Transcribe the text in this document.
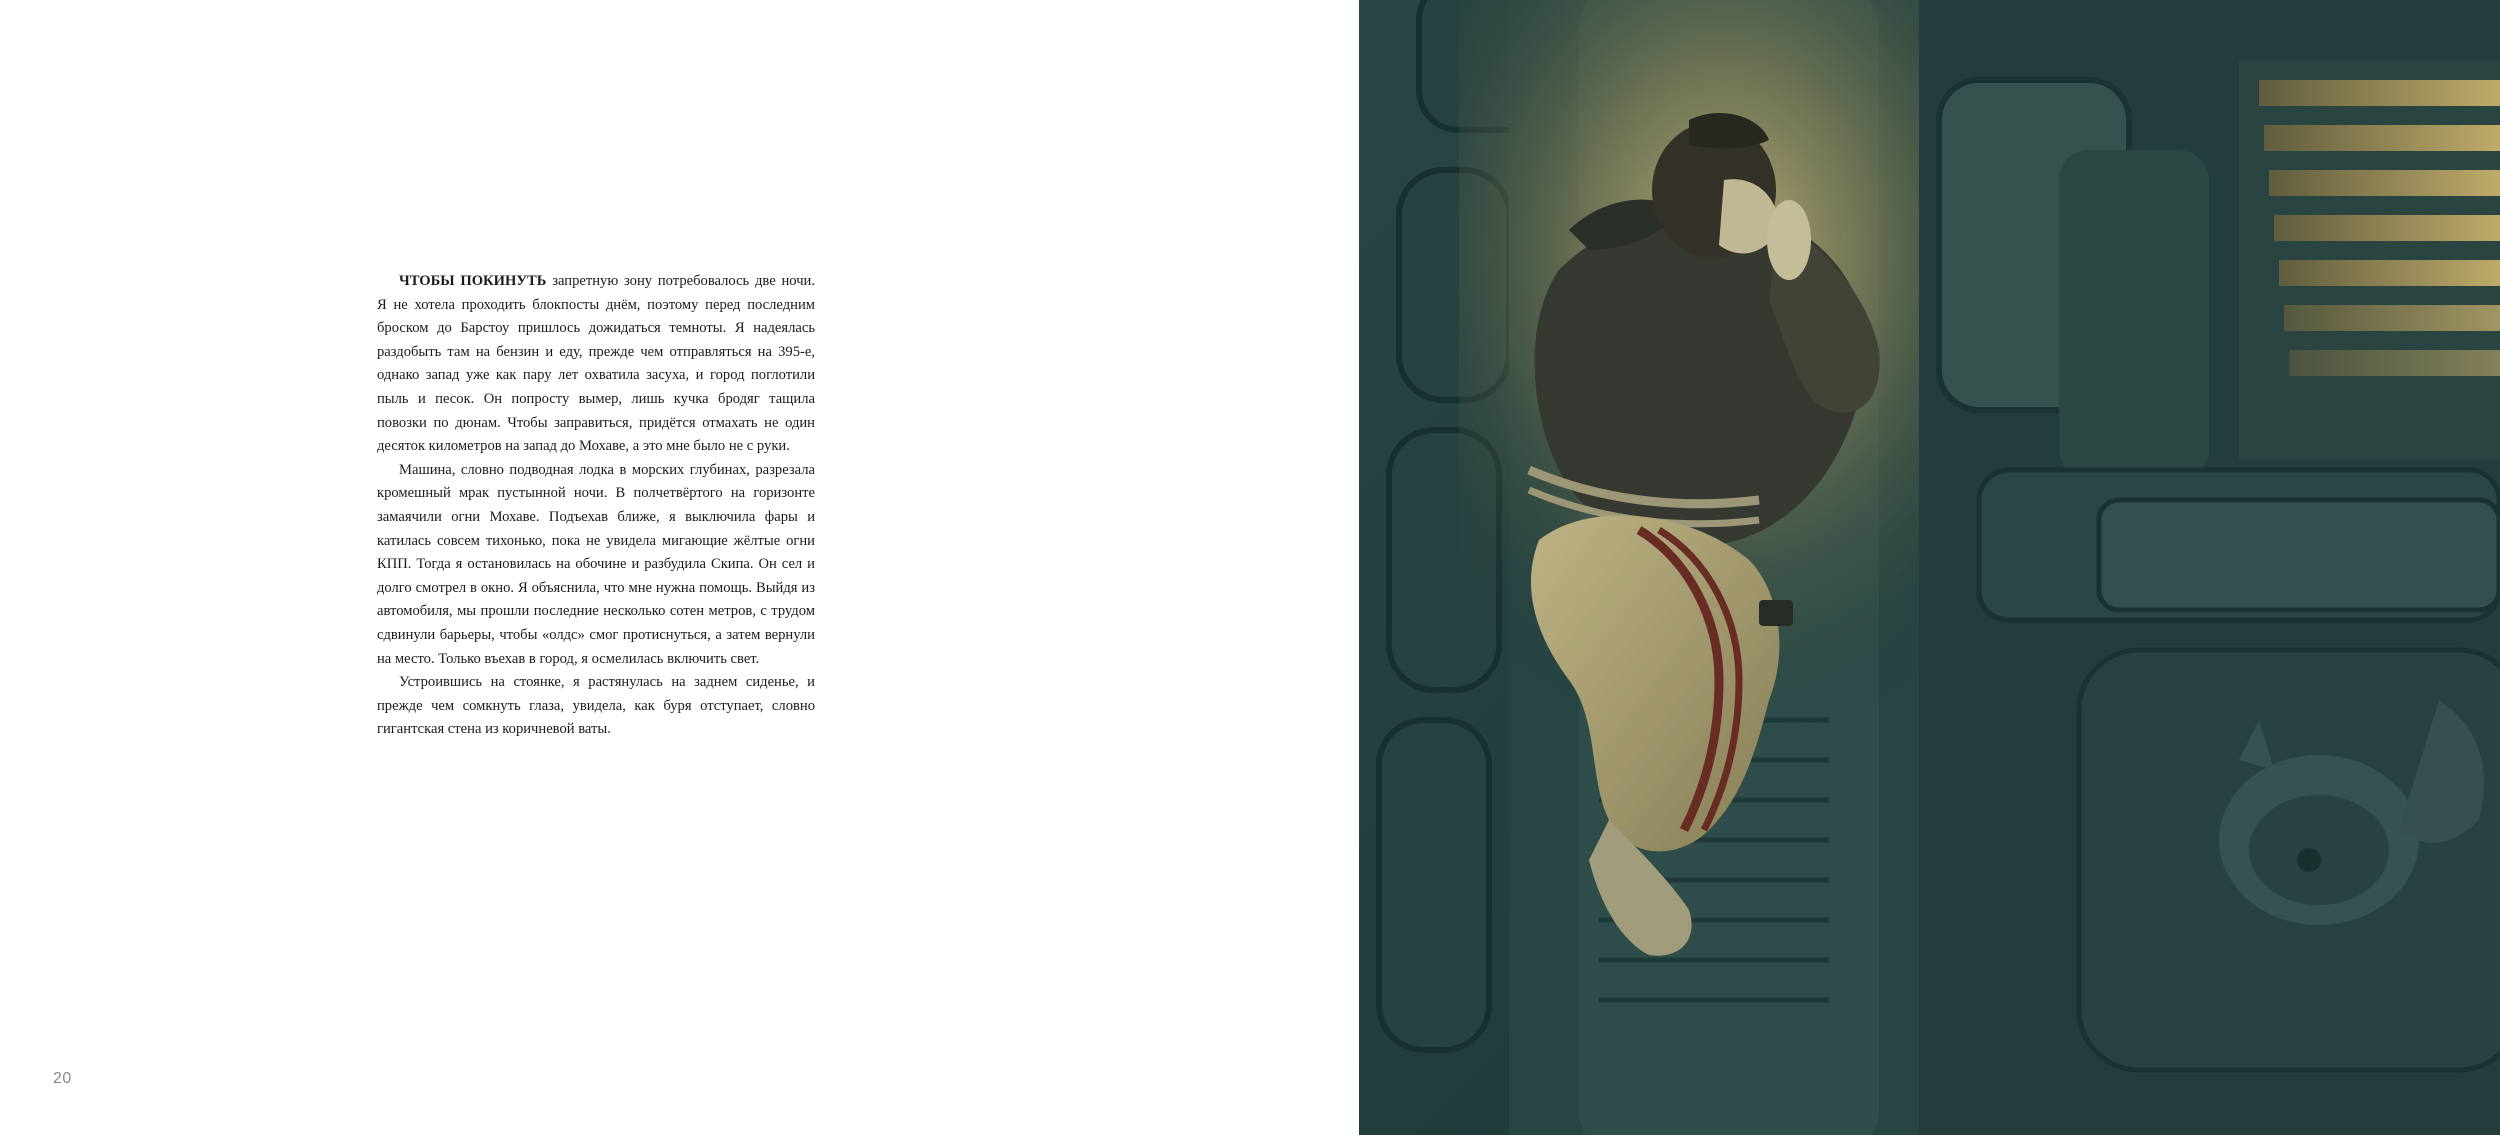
ЧТОБЫ ПОКИНУТЬ запретную зону потребовалось две ночи. Я не хотела проходить блокпосты днём, поэтому перед последним броском до Барстоу пришлось дожидаться темноты. Я надеялась раздобыть там на бензин и еду, прежде чем отправляться на 395-е, однако запад уже как пару лет охватила засуха, и город поглотили пыль и песок. Он попросту вымер, лишь кучка бродяг тащила повозки по дюнам. Чтобы заправиться, придётся отмахать не один десяток километров на запад до Мохаве, а это мне было не с руки.

Машина, словно подводная лодка в морских глубинах, разрезала кромешный мрак пустынной ночи. В полчетвёртого на горизонте замаячили огни Мохаве. Подъехав ближе, я выключила фары и катилась совсем тихонько, пока не увидела мигающие жёлтые огни КПП. Тогда я остановилась на обочине и разбудила Скипа. Он сел и долго смотрел в окно. Я объяснила, что мне нужна помощь. Выйдя из автомобиля, мы прошли последние несколько сотен метров, с трудом сдвинули барьеры, чтобы «олдс» смог протиснуться, а затем вернули на место. Только въехав в город, я осмелилась включить свет.

Устроившись на стоянке, я растянулась на заднем сиденье, и прежде чем сомкнуть глаза, увидела, как буря отступает, словно гигантская стена из коричневой ваты.

20
